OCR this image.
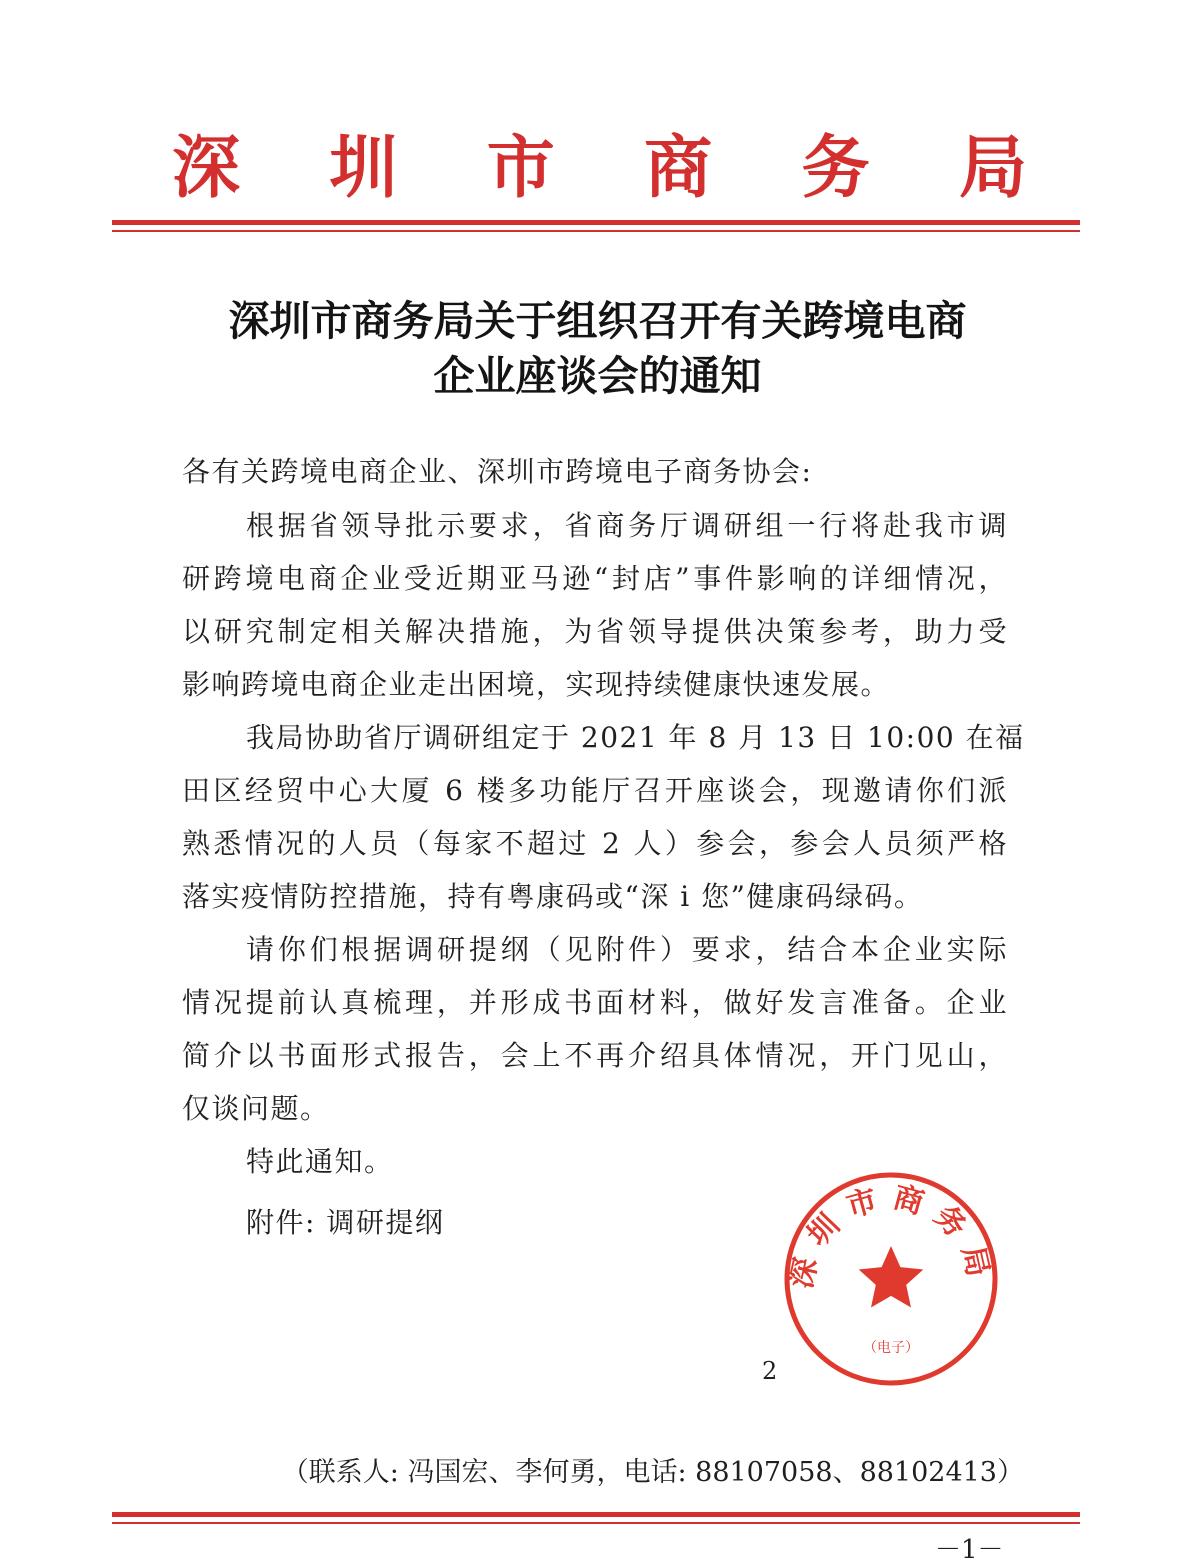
深 圳 市 商 务 局
深圳市商务局关于组织召开有关跨境电商
企业座谈会的通知
各有关跨境电商企业、深圳市跨境电子商务协会:
根据省领导批示要求，省商务厅调研组一行将赴我市调
研跨境电商企业受近期亚马逊“封店”事件影响的详细情况，
以研究制定相关解决措施，为省领导提供决策参考，助力受
影响跨境电商企业走出困境，实现持续健康快速发展。
我局协助省厅调研组定于 2021 年 8 月 13 日 10:00 在福
田区经贸中心大厦 6 楼多功能厅召开座谈会，现邀请你们派
熟悉情况的人员（每家不超过 2 人）参会，参会人员须严格
落实疫情防控措施，持有粤康码或“深 i 您”健康码绿码。
请你们根据调研提纲（见附件）要求，结合本企业实际
情况提前认真梳理，并形成书面材料，做好发言准备。企业
简介以书面形式报告，会上不再介绍具体情况，开门见山，
仅谈问题。
特此通知。
附件: 调研提纲
2
深圳市商务局
（电子）
（联系人: 冯国宏、李何勇，电话: 88107058、88102413）
－1－
